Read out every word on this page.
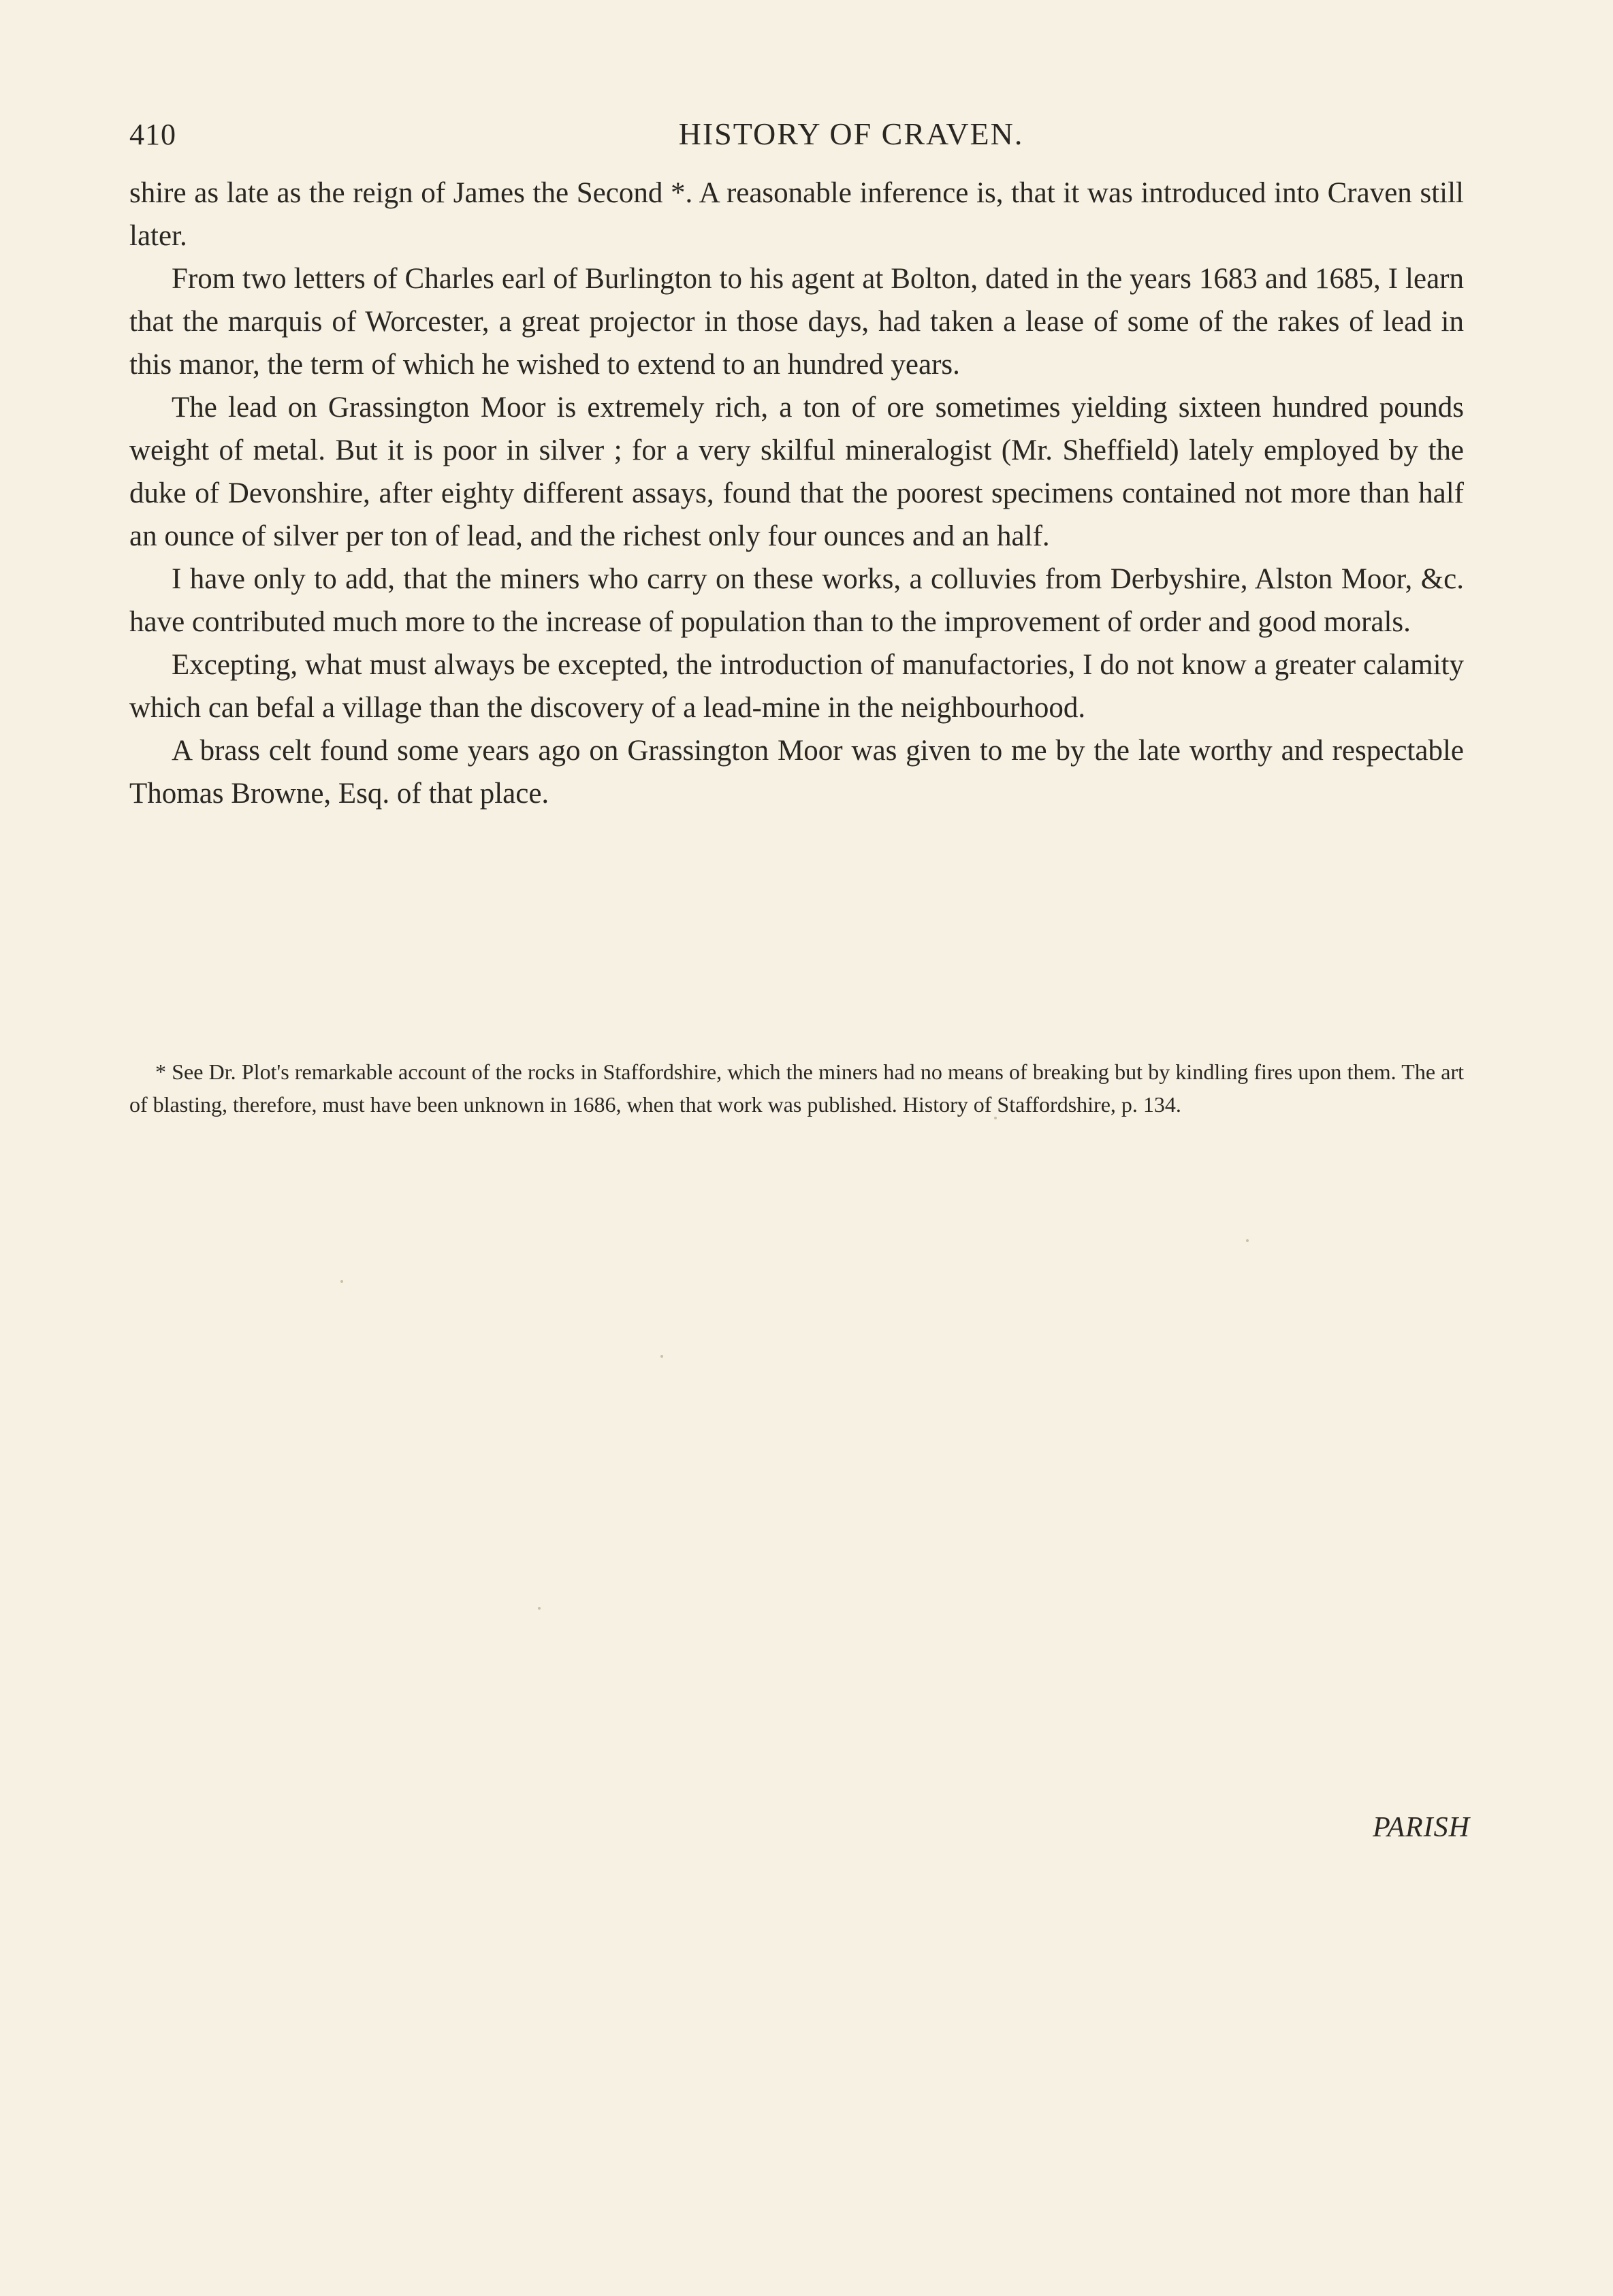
410	HISTORY OF CRAVEN.

shire as late as the reign of James the Second *. A reasonable inference is, that it was introduced into Craven still later.

From two letters of Charles earl of Burlington to his agent at Bolton, dated in the years 1683 and 1685, I learn that the marquis of Worcester, a great projector in those days, had taken a lease of some of the rakes of lead in this manor, the term of which he wished to extend to an hundred years.

The lead on Grassington Moor is extremely rich, a ton of ore sometimes yielding sixteen hundred pounds weight of metal. But it is poor in silver ; for a very skilful mineralogist (Mr. Sheffield) lately employed by the duke of Devonshire, after eighty different assays, found that the poorest specimens contained not more than half an ounce of silver per ton of lead, and the richest only four ounces and an half.

I have only to add, that the miners who carry on these works, a colluvies from Derbyshire, Alston Moor, &c. have contributed much more to the increase of population than to the improvement of order and good morals.

Excepting, what must always be excepted, the introduction of manufactories, I do not know a greater calamity which can befal a village than the discovery of a lead-mine in the neighbourhood.

A brass celt found some years ago on Grassington Moor was given to me by the late worthy and respectable Thomas Browne, Esq. of that place.

* See Dr. Plot's remarkable account of the rocks in Staffordshire, which the miners had no means of breaking but by kindling fires upon them. The art of blasting, therefore, must have been unknown in 1686, when that work was published. History of Staffordshire, p. 134.

PARISH
